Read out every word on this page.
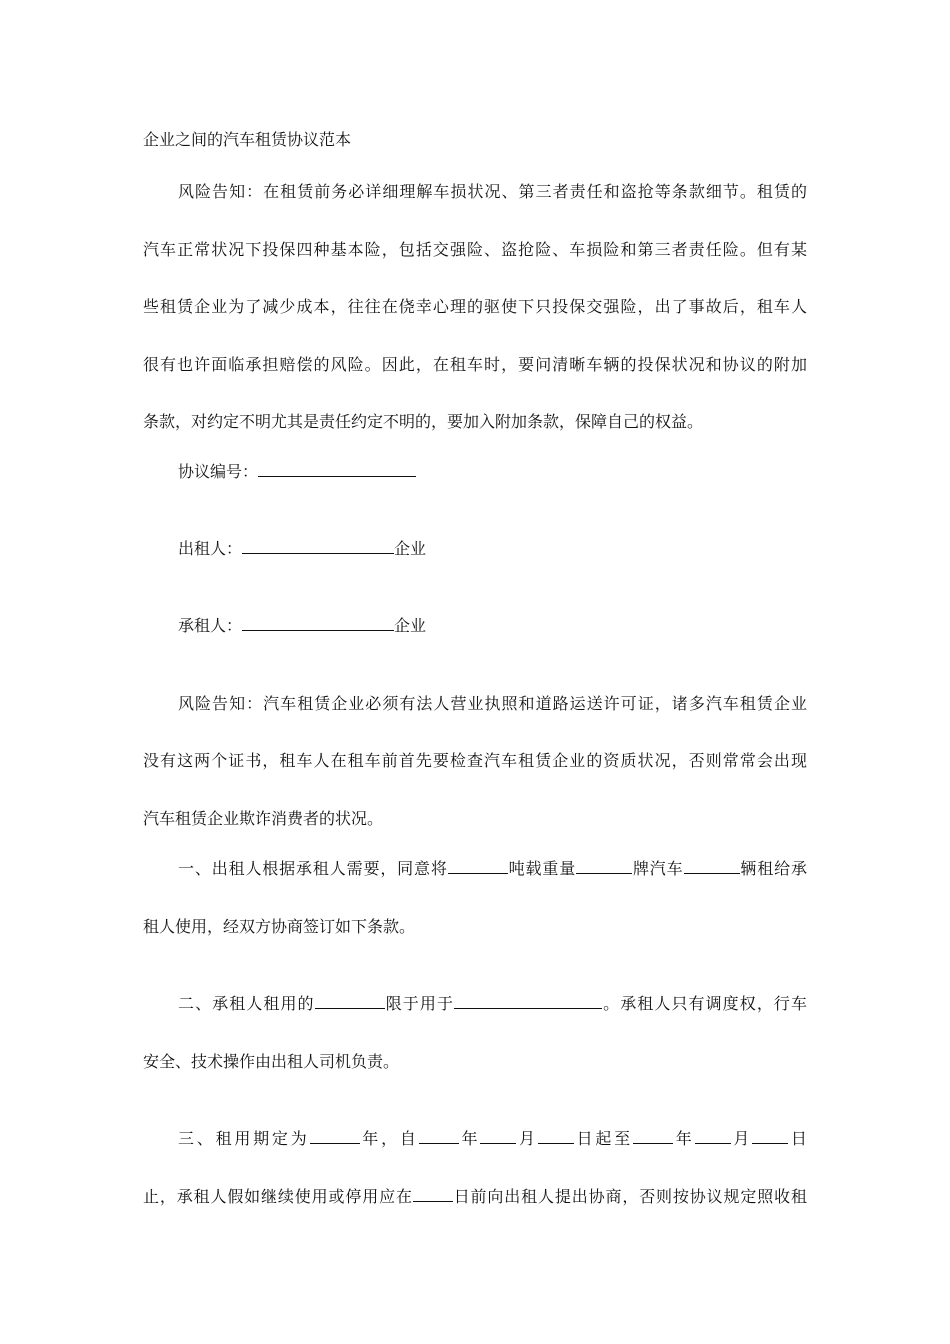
企业之间的汽车租赁协议范本
风险告知：在租赁前务必详细理解车损状况、第三者责任和盗抢等条款细节。租赁的
汽车正常状况下投保四种基本险，包括交强险、盗抢险、车损险和第三者责任险。但有某
些租赁企业为了减少成本，往往在侥幸心理的驱使下只投保交强险，出了事故后，租车人
很有也许面临承担赔偿的风险。因此，在租车时，要问清晰车辆的投保状况和协议的附加
条款，对约定不明尤其是责任约定不明的，要加入附加条款，保障自己的权益。
协议编号：
出租人：	企业
承租人：	企业
风险告知：汽车租赁企业必须有法人营业执照和道路运送许可证，诸多汽车租赁企业
没有这两个证书，租车人在租车前首先要检查汽车租赁企业的资质状况，否则常常会出现
汽车租赁企业欺诈消费者的状况。
一、出租人根据承租人需要，同意将	吨载重量	牌汽车	辆租给承
租人使用，经双方协商签订如下条款。
二、承租人租用的	限于用于	。承租人只有调度权，行车
安全、技术操作由出租人司机负责。
三、租用期定为	年，自	年 月 日起至	年 月 日
止，承租人假如继续使用或停用应在	日前向出租人提出协商，否则按协议规定照收租
